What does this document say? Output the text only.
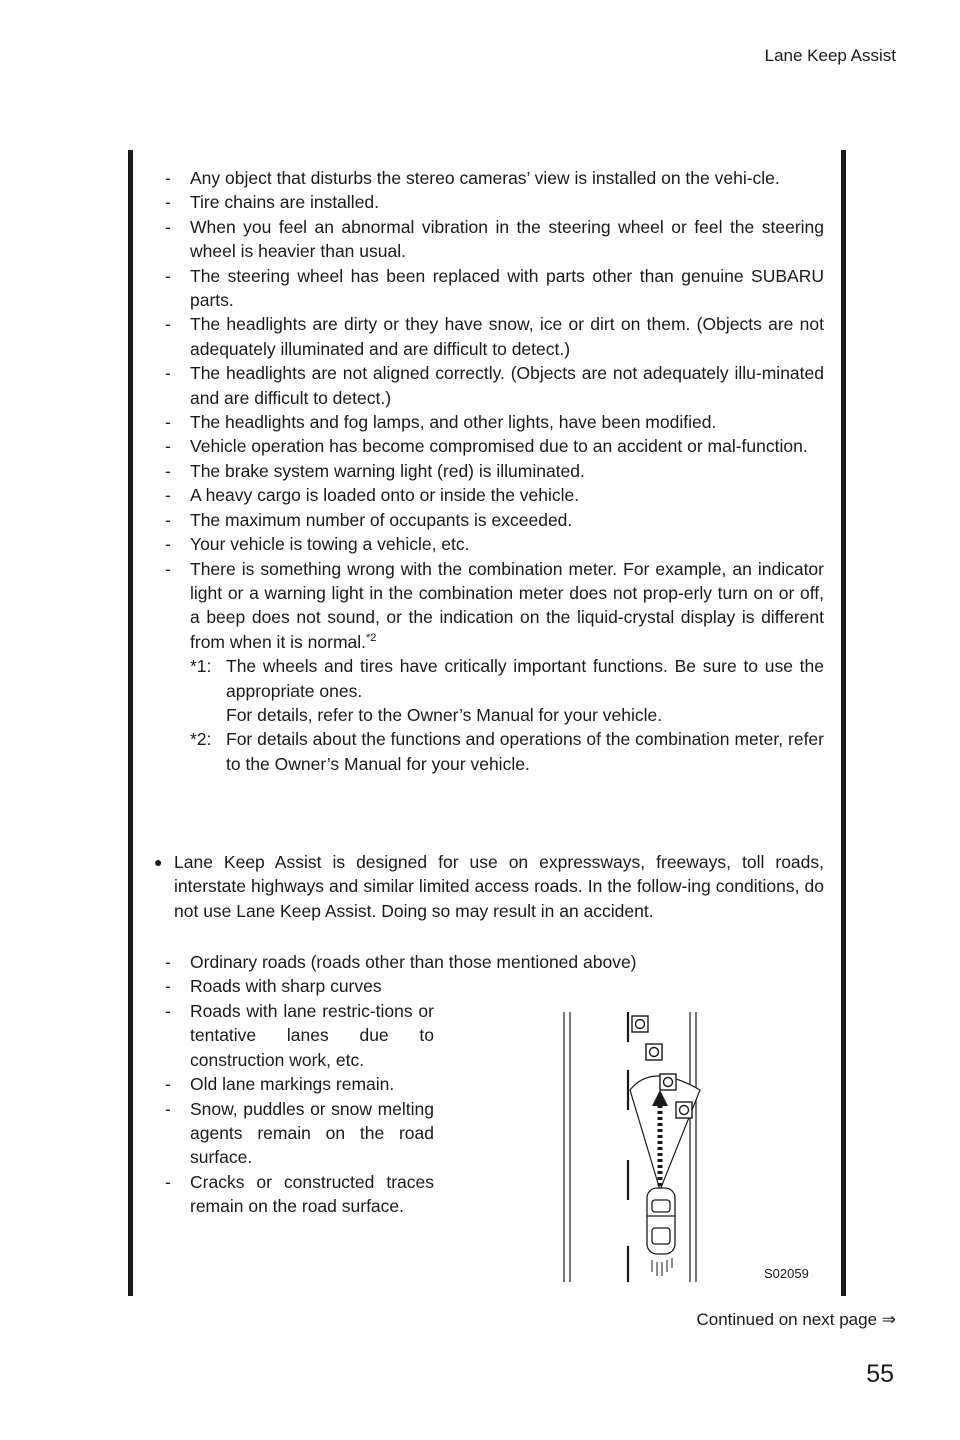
Lane Keep Assist
- Any object that disturbs the stereo cameras’ view is installed on the vehi-cle.
- Tire chains are installed.
- When you feel an abnormal vibration in the steering wheel or feel the steering wheel is heavier than usual.
- The steering wheel has been replaced with parts other than genuine SUBARU parts.
- The headlights are dirty or they have snow, ice or dirt on them. (Objects are not adequately illuminated and are difficult to detect.)
- The headlights are not aligned correctly. (Objects are not adequately illu-minated and are difficult to detect.)
- The headlights and fog lamps, and other lights, have been modified.
- Vehicle operation has become compromised due to an accident or mal-function.
- The brake system warning light (red) is illuminated.
- A heavy cargo is loaded onto or inside the vehicle.
- The maximum number of occupants is exceeded.
- Your vehicle is towing a vehicle, etc.
- There is something wrong with the combination meter. For example, an indicator light or a warning light in the combination meter does not prop-erly turn on or off, a beep does not sound, or the indication on the liquid-crystal display is different from when it is normal.$^{*2}$
*1: The wheels and tires have critically important functions. Be sure to use the appropriate ones.
For details, refer to the Owner’s Manual for your vehicle.
*2: For details about the functions and operations of the combination meter, refer to the Owner’s Manual for your vehicle.
● Lane Keep Assist is designed for use on expressways, freeways, toll roads, interstate highways and similar limited access roads. In the follow-ing conditions, do not use Lane Keep Assist. Doing so may result in an accident.
- Ordinary roads (roads other than those mentioned above)
- Roads with sharp curves
- Roads with lane restric-tions or tentative lanes due to construction work, etc.
- Old lane markings remain.
- Snow, puddles or snow melting agents remain on the road surface.
- Cracks or constructed traces remain on the road surface.
S02059
Continued on next page ⇒
55
